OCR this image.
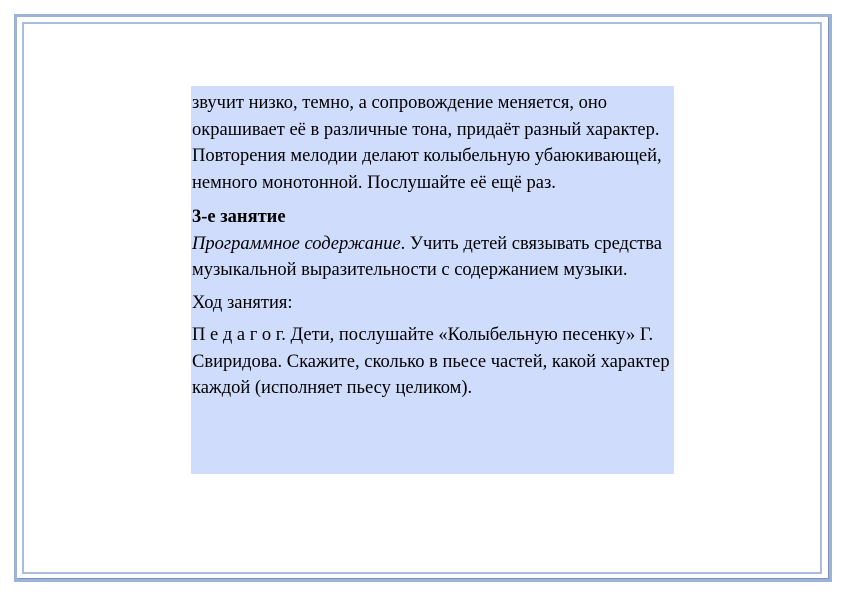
звучит низко, темно, а сопровождение меняется, оно окрашивает её в различные тона, придаёт разный характер. Повторения мелодии делают колыбельную убаюкивающей, немного монотонной. Послушайте её ещё раз.

3-е занятие

Программное содержание. Учить детей связывать средства музыкальной выразительности с содержанием музыки.

Ход занятия:

П е д а г о г. Дети, послушайте «Колыбельную песенку» Г. Свиридова. Скажите, сколько в пьесе частей, какой характер каждой (исполняет пьесу целиком).
